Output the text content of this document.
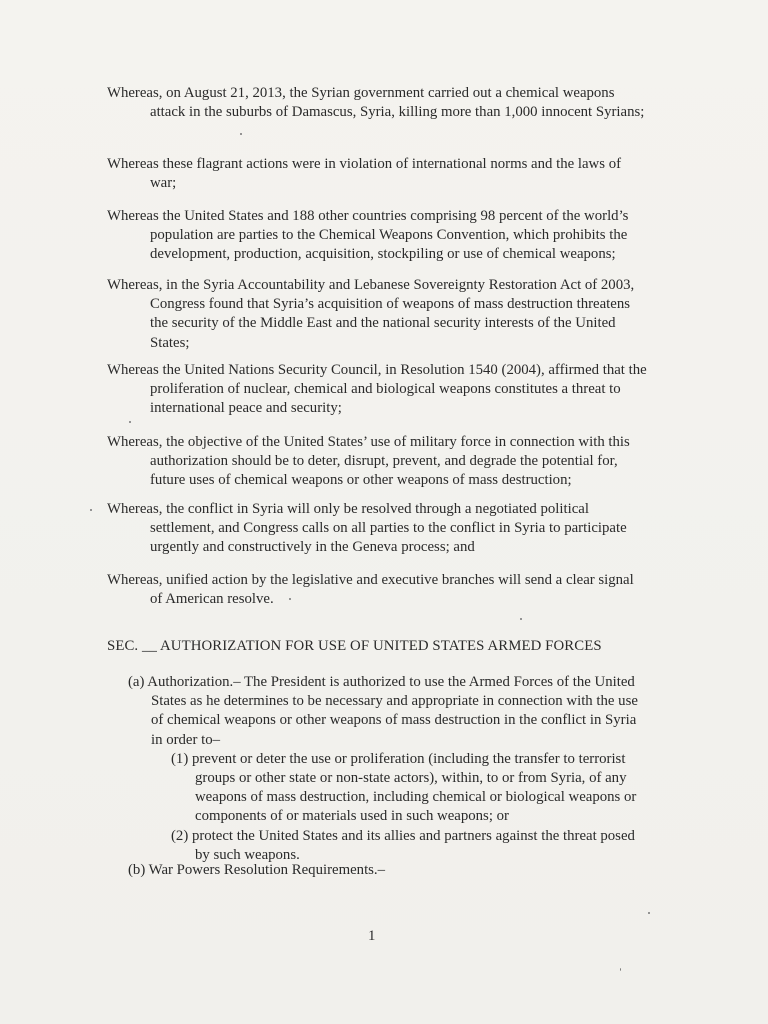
Whereas, on August 21, 2013, the Syrian government carried out a chemical weapons attack in the suburbs of Damascus, Syria, killing more than 1,000 innocent Syrians;

Whereas these flagrant actions were in violation of international norms and the laws of war;

Whereas the United States and 188 other countries comprising 98 percent of the world’s population are parties to the Chemical Weapons Convention, which prohibits the development, production, acquisition, stockpiling or use of chemical weapons;

Whereas, in the Syria Accountability and Lebanese Sovereignty Restoration Act of 2003, Congress found that Syria’s acquisition of weapons of mass destruction threatens the security of the Middle East and the national security interests of the United States;

Whereas the United Nations Security Council, in Resolution 1540 (2004), affirmed that the proliferation of nuclear, chemical and biological weapons constitutes a threat to international peace and security;

Whereas, the objective of the United States’ use of military force in connection with this authorization should be to deter, disrupt, prevent, and degrade the potential for, future uses of chemical weapons or other weapons of mass destruction;

Whereas, the conflict in Syria will only be resolved through a negotiated political settlement, and Congress calls on all parties to the conflict in Syria to participate urgently and constructively in the Geneva process; and

Whereas, unified action by the legislative and executive branches will send a clear signal of American resolve.

SEC. __ AUTHORIZATION FOR USE OF UNITED STATES ARMED FORCES

(a) Authorization.– The President is authorized to use the Armed Forces of the United States as he determines to be necessary and appropriate in connection with the use of chemical weapons or other weapons of mass destruction in the conflict in Syria in order to–

(1) prevent or deter the use or proliferation (including the transfer to terrorist groups or other state or non-state actors), within, to or from Syria, of any weapons of mass destruction, including chemical or biological weapons or components of or materials used in such weapons; or
(2) protect the United States and its allies and partners against the threat posed by such weapons.
(b) War Powers Resolution Requirements.–
1
